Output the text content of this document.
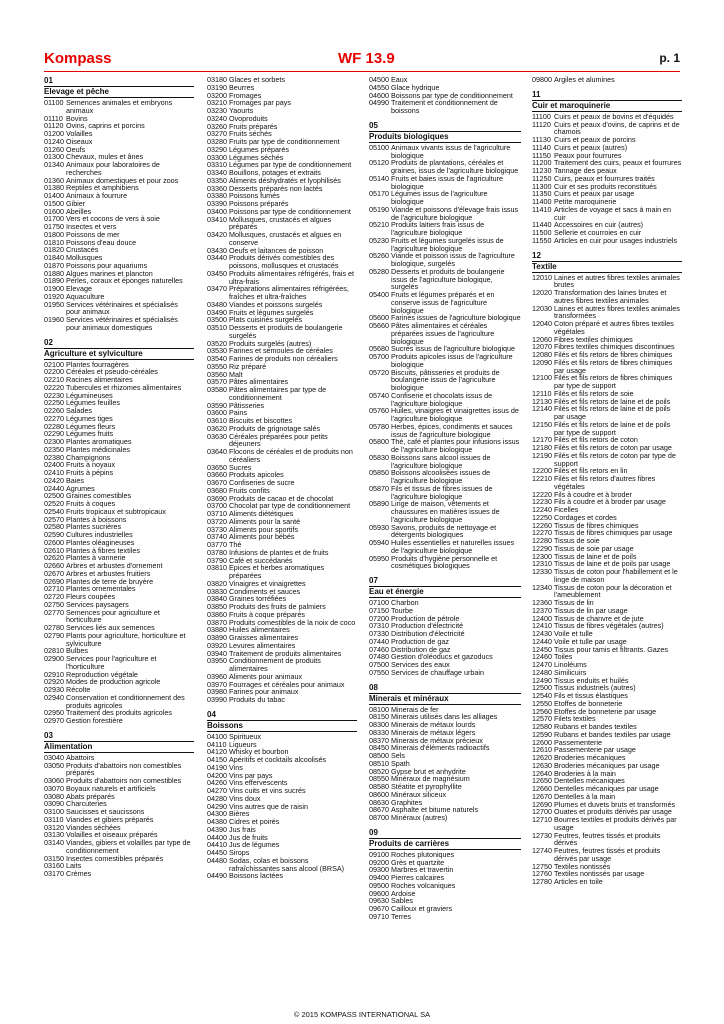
Kompass	WF 13.9	p. 1
01
Elevage et pêche
01100 Semences animales et embryons animaux
01110 Bovins
01120 Ovins, caprins et porcins
01200 Volailles
01240 Oiseaux
01260 Oeufs
01300 Chevaux, mules et ânes
01340 Animaux pour laboratoires de recherches
01360 Animaux domestiques et pour zoos
01380 Reptiles et amphibiens
01400 Animaux à fourrure
01500 Gibier
01600 Abeilles
01700 Vers et cocons de vers à soie
01750 Insectes et vers
01800 Poissons de mer
01810 Poissons d'eau douce
01820 Crustacés
01840 Mollusques
01870 Poissons pour aquariums
01880 Algues marines et plancton
01890 Perles, coraux et éponges naturelles
01900 Elevage
01920 Aquaculture
01950 Services vétérinaires et spécialisés pour animaux
01960 Services vétérinaires et spécialisés pour animaux domestiques
02
Agriculture et sylviculture
02100 Plantes fourragères
02200 Céréales et pseudo-céréales
02210 Racines alimentaires
02220 Tubercules et rhizomes alimentaires
02230 Légumineuses
02250 Légumes feuilles
02260 Salades
02270 Légumes tiges
02280 Légumes fleurs
02290 Légumes fruits
02300 Plantes aromatiques
02350 Plantes médicinales
02380 Champignons
02400 Fruits à noyaux
02410 Fruits à pépins
02420 Baies
02440 Agrumes
02500 Graines comestibles
02520 Fruits à coques
02540 Fruits tropicaux et subtropicaux
02570 Plantes à boissons
02580 Plantes sucrières
02590 Cultures industrielles
02600 Plantes oléagineuses
02610 Plantes à fibres textiles
02620 Plantes à vannerie
02660 Arbres et arbustes d'ornement
02670 Arbres et arbustes fruitiers
02690 Plantes de terre de bruyère
02710 Plantes ornementales
02720 Fleurs coupées
02750 Services paysagers
02770 Semences pour agriculture et horticulture
02780 Services liés aux semences
02790 Plants pour agriculture, horticulture et sylviculture
02810 Bulbes
02900 Services pour l'agriculture et l'horticulture
02910 Reproduction végétale
02920 Modes de production agricole
02930 Récolte
02940 Conservation et conditionnement des produits agricoles
02950 Traitement des produits agricoles
02970 Gestion forestière
03
Alimentation
03040 Abattoirs
03050 Produits d'abattoirs non comestibles préparés
03060 Produits d'abattoirs non comestibles
03070 Boyaux naturels et artificiels
03080 Abats préparés
03090 Charcuteries
03100 Saucisses et saucissons
03110 Viandes et gibiers préparés
03120 Viandes séchées
03130 Volailles et oiseaux préparés
03140 Viandes, gibiers et volailles par type de conditionnement
03150 Insectes comestibles préparés
03160 Laits
03170 Crèmes
03180 Glaces et sorbets
03190 Beurres
03200 Fromages
03210 Fromages par pays
03230 Yaourts
03240 Ovoproduits
03260 Fruits préparés
03270 Fruits séchés
03280 Fruits par type de conditionnement
03290 Légumes préparés
03300 Légumes séchés
03310 Légumes par type de conditionnement
03340 Bouillons, potages et extraits
03350 Aliments déshydratés et lyophilisés
03360 Desserts préparés non lactés
03380 Poissons fumés
03390 Poissons préparés
03400 Poissons par type de conditionnement
03410 Mollusques, crustacés et algues préparés
03420 Mollusques, crustacés et algues en conserve
03430 Oeufs et laitances de poisson
03440 Produits dérivés comestibles des poissons, mollusques et crustacés
03450 Produits alimentaires réfrigérés, frais et ultra-frais
03470 Préparations alimentaires réfrigérées, fraîches et ultra-fraîches
03480 Viandes et poissons surgelés
03490 Fruits et légumes surgelés
03500 Plats cuisinés surgelés
03510 Desserts et produits de boulangerie surgelés
03520 Produits surgelés (autres)
03530 Farines et semoules de céréales
03540 Farines de produits non céréaliers
03550 Riz préparé
03560 Malt
03570 Pâtes alimentaires
03580 Pâtes alimentaires par type de conditionnement
03590 Pâtisseries
03600 Pains
03610 Biscuits et biscottes
03620 Produits de grignotage salés
03630 Céréales préparées pour petits déjeuners
03640 Flocons de céréales et de produits non céréaliers
03650 Sucres
03660 Produits apicoles
03670 Confiseries de sucre
03680 Fruits confits
03690 Produits de cacao et de chocolat
03700 Chocolat par type de conditionnement
03710 Aliments diététiques
03720 Aliments pour la santé
03730 Aliments pour sportifs
03740 Aliments pour bébés
03770 Thé
03780 Infusions de plantes et de fruits
03790 Café et succédanés
03810 Epices et herbes aromatiques préparées
03820 Vinaigres et vinaigrettes
03830 Condiments et sauces
03840 Graines torréfiées
03850 Produits des fruits de palmiers
03860 Fruits à coque préparés
03870 Produits comestibles de la noix de coco
03880 Huiles alimentaires
03890 Graisses alimentaires
03920 Levures alimentaires
03940 Traitement de produits alimentaires
03950 Conditionnement de produits alimentaires
03960 Aliments pour animaux
03970 Fourrages et céréales pour animaux
03980 Farines pour animaux
03990 Produits du tabac
04
Boissons
04100 Spiritueux
04110 Liqueurs
04120 Whisky et bourbon
04150 Apéritifs et cocktails alcoolisés
04190 Vins
04200 Vins par pays
04260 Vins effervescents
04270 Vins cuits et vins sucrés
04280 Vins doux
04290 Vins autres que de raisin
04300 Bières
04380 Cidres et poirés
04390 Jus frais
04400 Jus de fruits
04410 Jus de légumes
04450 Sirops
04480 Sodas, colas et boissons rafraîchissantes sans alcool (BRSA)
04490 Boissons lactées
04500 Eaux
04550 Glace hydrique
04600 Boissons par type de conditionnement
04990 Traitement et conditionnement de boissons
05
Produits biologiques
05100 Animaux vivants issus de l'agriculture biologique
05120 Produits de plantations, céréales et graines, issus de l'agriculture biologique
05140 Fruits et baies issus de l'agriculture biologique
05170 Légumes issus de l'agriculture biologique
05190 Viande et poissons d'élevage frais issus de l'agriculture biologique
05210 Produits laitiers frais issus de l'agriculture biologique
05230 Fruits et légumes surgelés issus de l'agriculture biologique
05260 Viande et poisson issus de l'agriculture biologique, surgelés
05280 Desserts et produits de boulangerie issus de l'agriculture biologique, surgelés
05400 Fruits et légumes préparés et en conserve issus de l'agriculture biologique
05600 Farines issues de l'agriculture biologique
05660 Pâtes alimentaires et céréales préparées issues de l'agriculture biologique
05680 Sucres issus de l'agriculture biologique
05700 Produits apicoles issus de l'agriculture biologique
05720 Biscuits, pâtisseries et produits de boulangerie issus de l'agriculture biologique
05740 Confiserie et chocolats issus de l'agriculture biologique
05760 Huiles, vinaigres et vinaigrettes issus de l'agriculture biologique
05780 Herbes, épices, condiments et sauces issus de l'agriculture biologique
05800 Thé, café et plantes pour infusions issus de l'agriculture biologique
05830 Boissons sans alcool issues de l'agriculture biologique
05850 Boissons alcoolisées issues de l'agriculture biologique
05870 Fils et tissus de fibres issues de l'agriculture biologique
05890 Linge de maison, vêtements et chaussures en matières issues de l'agriculture biologique
05930 Savons, produits de nettoyage et détergents biologiques
05940 Huiles essentielles et naturelles issues de l'agriculture biologique
05950 Produits d'hygiène personnelle et cosmétiques biologiques
07
Eau et énergie
07100 Charbon
07150 Tourbe
07200 Production de pétrole
07310 Production d'électricité
07330 Distribution d'électricité
07440 Production de gaz
07460 Distribution de gaz
07480 Gestion d'oléoducs et gazoducs
07500 Services des eaux
07550 Services de chauffage urbain
08
Minerais et minéraux
08100 Minerais de fer
08150 Minerais utilisés dans les alliages
08300 Minerais de métaux lourds
08330 Minerais de métaux légers
08370 Minerais de métaux précieux
08450 Minerais d'éléments radioactifs
08500 Sels
08510 Spath
08520 Gypse brut et anhydrite
08550 Minéraux de magnésium
08580 Stéatite et pyrophyllite
08600 Minéraux siliceux
08630 Graphites
08670 Asphalte et bitume naturels
08700 Minéraux (autres)
09
Produits de carrières
09100 Roches plutoniques
09200 Grès et quartzite
09300 Marbres et travertin
09400 Pierres calcaires
09500 Roches volcaniques
09600 Ardoise
09630 Sables
09670 Cailloux et graviers
09710 Terres
09800 Argiles et alumines
11
Cuir et maroquinerie
11100 Cuirs et peaux de bovins et d'équidés
11120 Cuirs et peaux d'ovins, de caprins et de chamois
11130 Cuirs et peaux de porcins
11140 Cuirs et peaux (autres)
11150 Peaux pour fourrures
11200 Traitement des cuirs, peaux et fourrures
11230 Tannage des peaux
11250 Cuirs, peaux et fourrures traités
11300 Cuir et ses produits reconstitués
11350 Cuirs et peaux par usage
11400 Petite maroquinerie
11410 Articles de voyage et sacs à main en cuir
11440 Accessoires en cuir (autres)
11500 Sellerie et courroies en cuir
11550 Articles en cuir pour usages industriels
12
Textile
12010 Laines et autres fibres textiles animales brutes
12020 Transformation des laines brutes et autres fibres textiles animales
12030 Laines et autres fibres textiles animales transformées
12040 Coton préparé et autres fibres textiles végétales
12060 Fibres textiles chimiques
12070 Fibres textiles chimiques discontinues
12080 Filés et fils retors de fibres chimiques
12090 Filés et fils retors de fibres chimiques par usage
12100 Filés et fils retors de fibres chimiques par type de support
12110 Filés et fils retors de soie
12130 Filés et fils retors de laine et de poils
12140 Filés et fils retors de laine et de poils par usage
12150 Filés et fils retors de laine et de poils par type de support
12170 Filés et fils retors de coton
12180 Filés et fils retors de coton par usage
12190 Filés et fils retors de coton par type de support
12200 Filés et fils retors en lin
12210 Filés et fils retors d'autres fibres végétales
12220 Fils à coudre et à broder
12230 Fils à coudre et à broder par usage
12240 Ficelles
12250 Cordages et cordes
12260 Tissus de fibres chimiques
12270 Tissus de fibres chimiques par usage
12280 Tissus de soie
12290 Tissus de soie par usage
12300 Tissus de laine et de poils
12310 Tissus de laine et de poils par usage
12330 Tissus de coton pour l'habillement et le linge de maison
12340 Tissus de coton pour la décoration et l'ameublement
12360 Tissus de lin
12370 Tissus de lin par usage
12400 Tissus de chanvre et de jute
12410 Tissus de fibres végétales (autres)
12430 Voile et tulle
12440 Voile et tulle par usage
12450 Tissus pour tamis et filtrants. Gazes
12460 Toiles
12470 Linoléums
12480 Similicuirs
12490 Tissus enduits et huilés
12500 Tissus industriels (autres)
12540 Fils et tissus élastiques
12550 Etoffes de bonneterie
12560 Etoffes de bonneterie par usage
12570 Filets textiles
12580 Rubans et bandes textiles
12590 Rubans et bandes textiles par usage
12600 Passementerie
12610 Passementerie par usage
12620 Broderies mécaniques
12630 Broderies mécaniques par usage
12640 Broderies à la main
12650 Dentelles mécaniques
12660 Dentelles mécaniques par usage
12670 Dentelles à la main
12690 Plumes et duvets bruts et transformés
12700 Ouates et produits dérivés par usage
12710 Bourres textiles et produits dérivés par usage
12730 Feutres, feutres tissés et produits dérivés
12740 Feutres, feutres tissés et produits dérivés par usage
12750 Textiles nontissés
12760 Textiles nontissés par usage
12780 Articles en toile
© 2015 KOMPASS INTERNATIONAL SA
